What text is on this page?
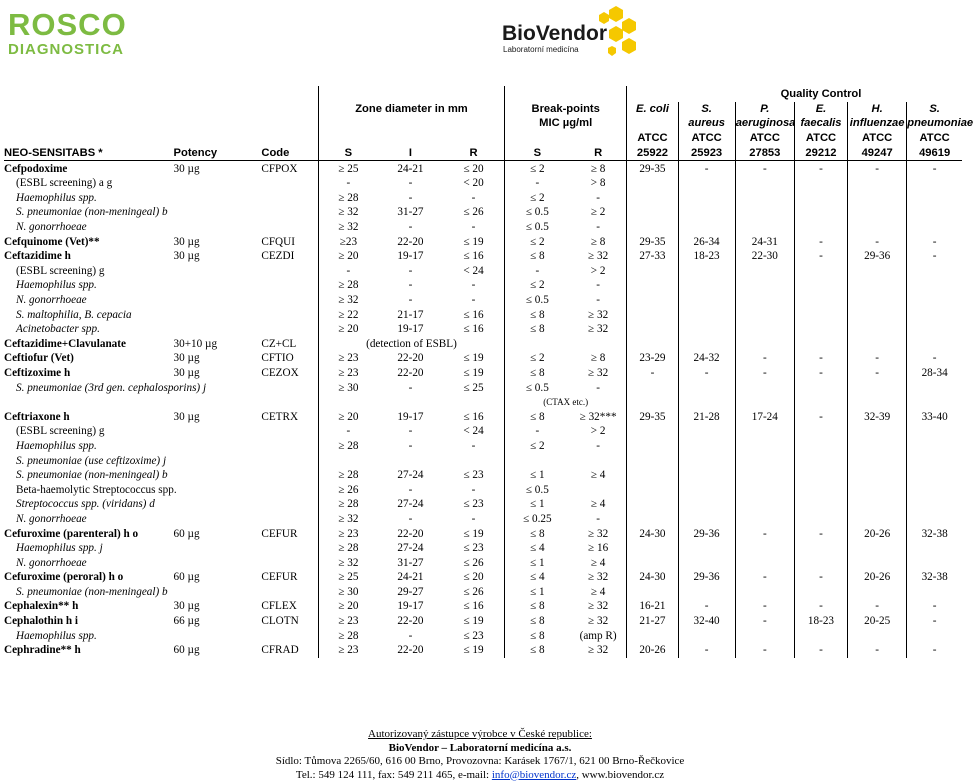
ROSCO
DIAGNOSTICA
BioVendor
Laboratorní medicína
										Quality Control			
			Zone diameter in mm			Break-points		E. coli	S.	P.	E.	H.	S.
						MIC µg/ml			aureus	aeruginosa	faecalis	influenzae	pneumoniae
								ATCC	ATCC	ATCC	ATCC	ATCC	ATCC
NEO-SENSITABS *	Potency	Code	S	I	R	S	R	25922	25923	27853	29212	49247	49619
Cefpodoxime	30 µg	CFPOX	≥ 25	24-21	≤ 20	≤ 2	≥ 8	29-35	-	-	-	-	-
(ESBL screening) a g			-	-	< 20	-	> 8						
Haemophilus spp.			≥ 28	-	-	≤ 2	-						
S. pneumoniae (non-meningeal) b			≥ 32	31-27	≤ 26	≤ 0.5	≥ 2						
N. gonorrhoeae			≥ 32	-	-	≤ 0.5	-						
Cefquinome (Vet)**	30 µg	CFQUI	≥23	22-20	≤ 19	≤ 2	≥ 8	29-35	26-34	24-31	-	-	-
Ceftazidime h	30 µg	CEZDI	≥ 20	19-17	≤ 16	≤ 8	≥ 32	27-33	18-23	22-30	-	29-36	-
(ESBL screening) g			-	-	< 24	-	> 2						
Haemophilus spp.			≥ 28	-	-	≤ 2	-						
N. gonorrhoeae			≥ 32	-	-	≤ 0.5	-						
S. maltophilia, B. cepacia			≥ 22	21-17	≤ 16	≤ 8	≥ 32						
Acinetobacter spp.			≥ 20	19-17	≤ 16	≤ 8	≥ 32						
Ceftazidime+Clavulanate	30+10 µg	CZ+CL	(detection of ESBL)										
Ceftiofur (Vet)	30 µg	CFTIO	≥ 23	22-20	≤ 19	≤ 2	≥ 8	23-29	24-32	-	-	-	-
Ceftizoxime h	30 µg	CEZOX	≥ 23	22-20	≤ 19	≤ 8	≥ 32	-	-	-	-	-	28-34
S. pneumoniae (3rd gen. cephalosporins) j			≥ 30	-	≤ 25	≤ 0.5	-						
						(CTAX etc.)							
Ceftriaxone h	30 µg	CETRX	≥ 20	19-17	≤ 16	≤ 8	≥ 32***	29-35	21-28	17-24	-	32-39	33-40
(ESBL screening) g			-	-	< 24	-	> 2						
Haemophilus spp.			≥ 28	-	-	≤ 2	-						
S. pneumoniae (use ceftizoxime) j													
S. pneumoniae (non-meningeal) b			≥ 28	27-24	≤ 23	≤ 1	≥ 4						
Beta-haemolytic Streptococcus spp.			≥ 26	-	-	≤ 0.5							
Streptococcus spp. (viridans) d			≥ 28	27-24	≤ 23	≤ 1	≥ 4						
N. gonorrhoeae			≥ 32	-	-	≤ 0.25	-						
Cefuroxime (parenteral) h o	60 µg	CEFUR	≥ 23	22-20	≤ 19	≤ 8	≥ 32	24-30	29-36	-	-	20-26	32-38
Haemophilus spp. j			≥ 28	27-24	≤ 23	≤ 4	≥ 16						
N. gonorrhoeae			≥ 32	31-27	≤ 26	≤ 1	≥ 4						
Cefuroxime (peroral) h o	60 µg	CEFUR	≥ 25	24-21	≤ 20	≤ 4	≥ 32	24-30	29-36	-	-	20-26	32-38
S. pneumoniae (non-meningeal) b			≥ 30	29-27	≤ 26	≤ 1	≥ 4						
Cephalexin** h	30 µg	CFLEX	≥ 20	19-17	≤ 16	≤ 8	≥ 32	16-21	-	-	-	-	-
Cephalothin h i	66 µg	CLOTN	≥ 23	22-20	≤ 19	≤ 8	≥ 32	21-27	32-40	-	18-23	20-25	-
Haemophilus spp.			≥ 28	-	≤ 23	≤ 8	(amp R)						
Cephradine** h	60 µg	CFRAD	≥ 23	22-20	≤ 19	≤ 8	≥ 32	20-26	-	-	-	-	-
Autorizovaný zástupce výrobce v České republice:
BioVendor – Laboratorní medicína a.s.
Sídlo: Tůmova 2265/60, 616 00 Brno, Provozovna: Karásek 1767/1, 621 00 Brno-Řečkovice
Tel.: 549 124 111, fax: 549 211 465, e-mail: info@biovendor.cz, www.biovendor.cz
